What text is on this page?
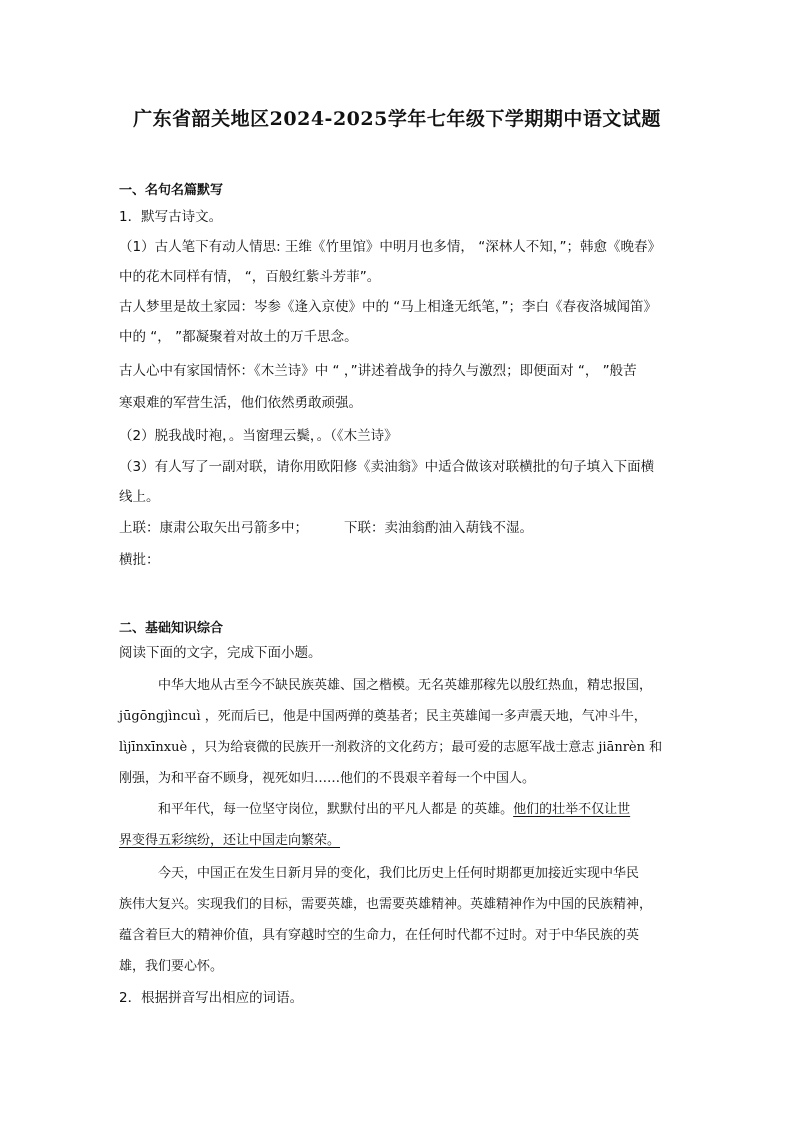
广东省韶关地区2024-2025学年七年级下学期期中语文试题
一、名句名篇默写
1．默写古诗文。
（1）古人笔下有动人情思: 王维《竹里馆》中明月也多情， “深林人不知，”；韩愈《晚春》
中的花木同样有情， “，百般红紫斗芳菲”。
古人梦里是故土家园：岑参《逢入京使》中的 “马上相逢无纸笔，”；李白《春夜洛城闻笛》
中的 “， ”都凝聚着对故土的万千思念。
古人心中有家国情怀：《木兰诗》中 “ ，”讲述着战争的持久与激烈；即便面对 “， ”般苦
寒艰难的军营生活，他们依然勇敢顽强。
（2）脱我战时袍，。当窗理云鬓，。（《木兰诗》
（3）有人写了一副对联，请你用欧阳修《卖油翁》中适合做该对联横批的句子填入下面横
线上。
上联：康肃公取矢出弓箭多中；	下联：卖油翁酌油入葫钱不湿。
横批：
二、基础知识综合
阅读下面的文字，完成下面小题。
中华大地从古至今不缺民族英雄、国之楷模。无名英雄那稼先以殷红热血，精忠报国，
jūgōngjìncuì ，死而后已，他是中国两弹的奠基者；民主英雄闻一多声震天地，气冲斗牛，
lìjīnxīnxuè ，只为给衰微的民族开一剂救济的文化药方；最可爱的志愿军战士意志 jiānrèn 和
刚强，为和平奋不顾身，视死如归……他们的不畏艰辛着每一个中国人。
和平年代，每一位坚守岗位，默默付出的平凡人都是 的英雄。他们的壮举不仅让世
界变得五彩缤纷，还让中国走向繁荣。
今天，中国正在发生日新月异的变化，我们比历史上任何时期都更加接近实现中华民
族伟大复兴。实现我们的目标，需要英雄，也需要英雄精神。英雄精神作为中国的民族精神，
蕴含着巨大的精神价值，具有穿越时空的生命力，在任何时代都不过时。对于中华民族的英
雄，我们要心怀。
2．根据拼音写出相应的词语。
